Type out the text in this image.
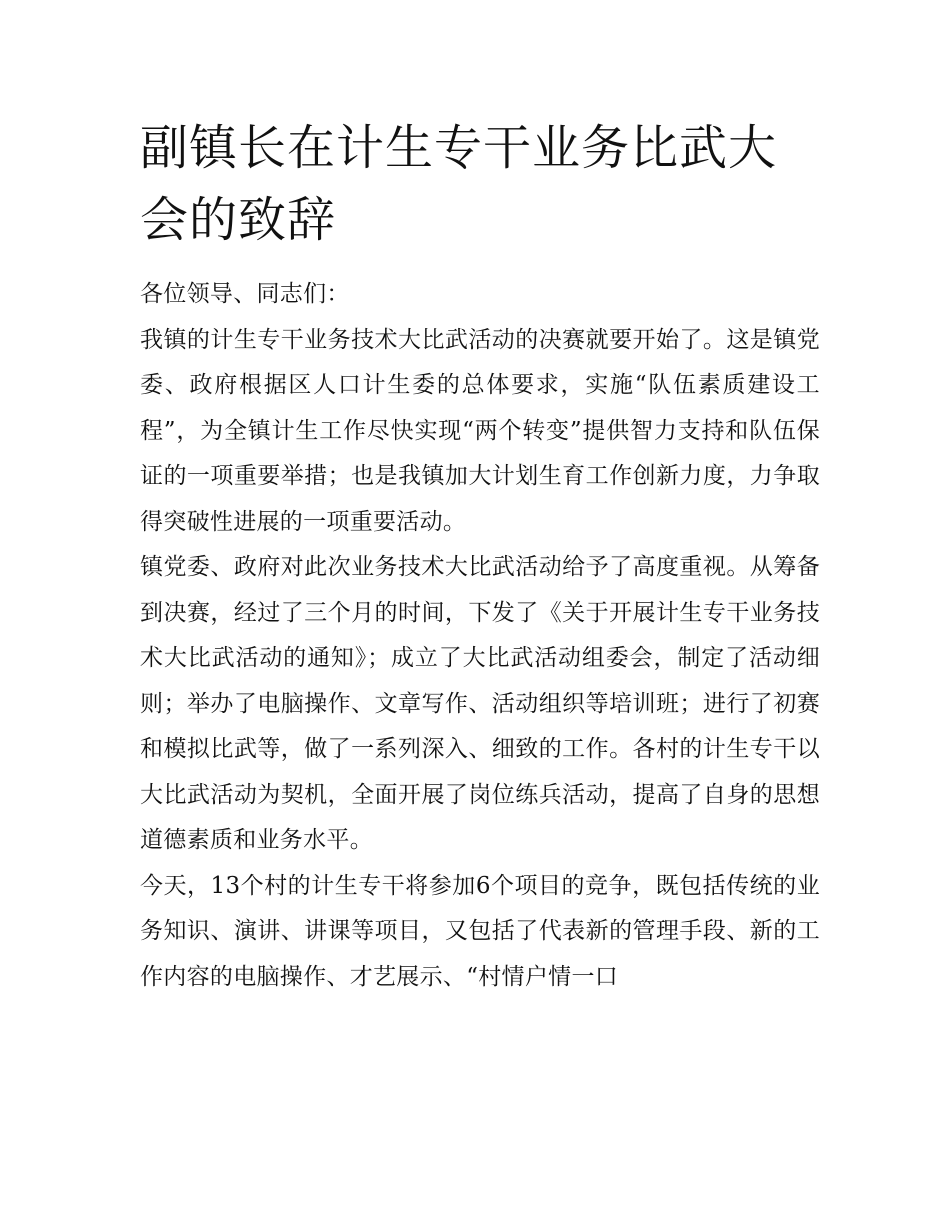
副镇长在计生专干业务比武大会的致辞

各位领导、同志们：

我镇的计生专干业务技术大比武活动的决赛就要开始了。这是镇党委、政府根据区人口计生委的总体要求，实施“队伍素质建设工程”，为全镇计生工作尽快实现“两个转变”提供智力支持和队伍保证的一项重要举措；也是我镇加大计划生育工作创新力度，力争取得突破性进展的一项重要活动。

镇党委、政府对此次业务技术大比武活动给予了高度重视。从筹备到决赛，经过了三个月的时间，下发了《关于开展计生专干业务技术大比武活动的通知》；成立了大比武活动组委会，制定了活动细则；举办了电脑操作、文章写作、活动组织等培训班；进行了初赛和模拟比武等，做了一系列深入、细致的工作。各村的计生专干以大比武活动为契机，全面开展了岗位练兵活动，提高了自身的思想道德素质和业务水平。

今天，13个村的计生专干将参加6个项目的竞争，既包括传统的业务知识、演讲、讲课等项目，又包括了代表新的管理手段、新的工作内容的电脑操作、才艺展示、“村情户情一口
